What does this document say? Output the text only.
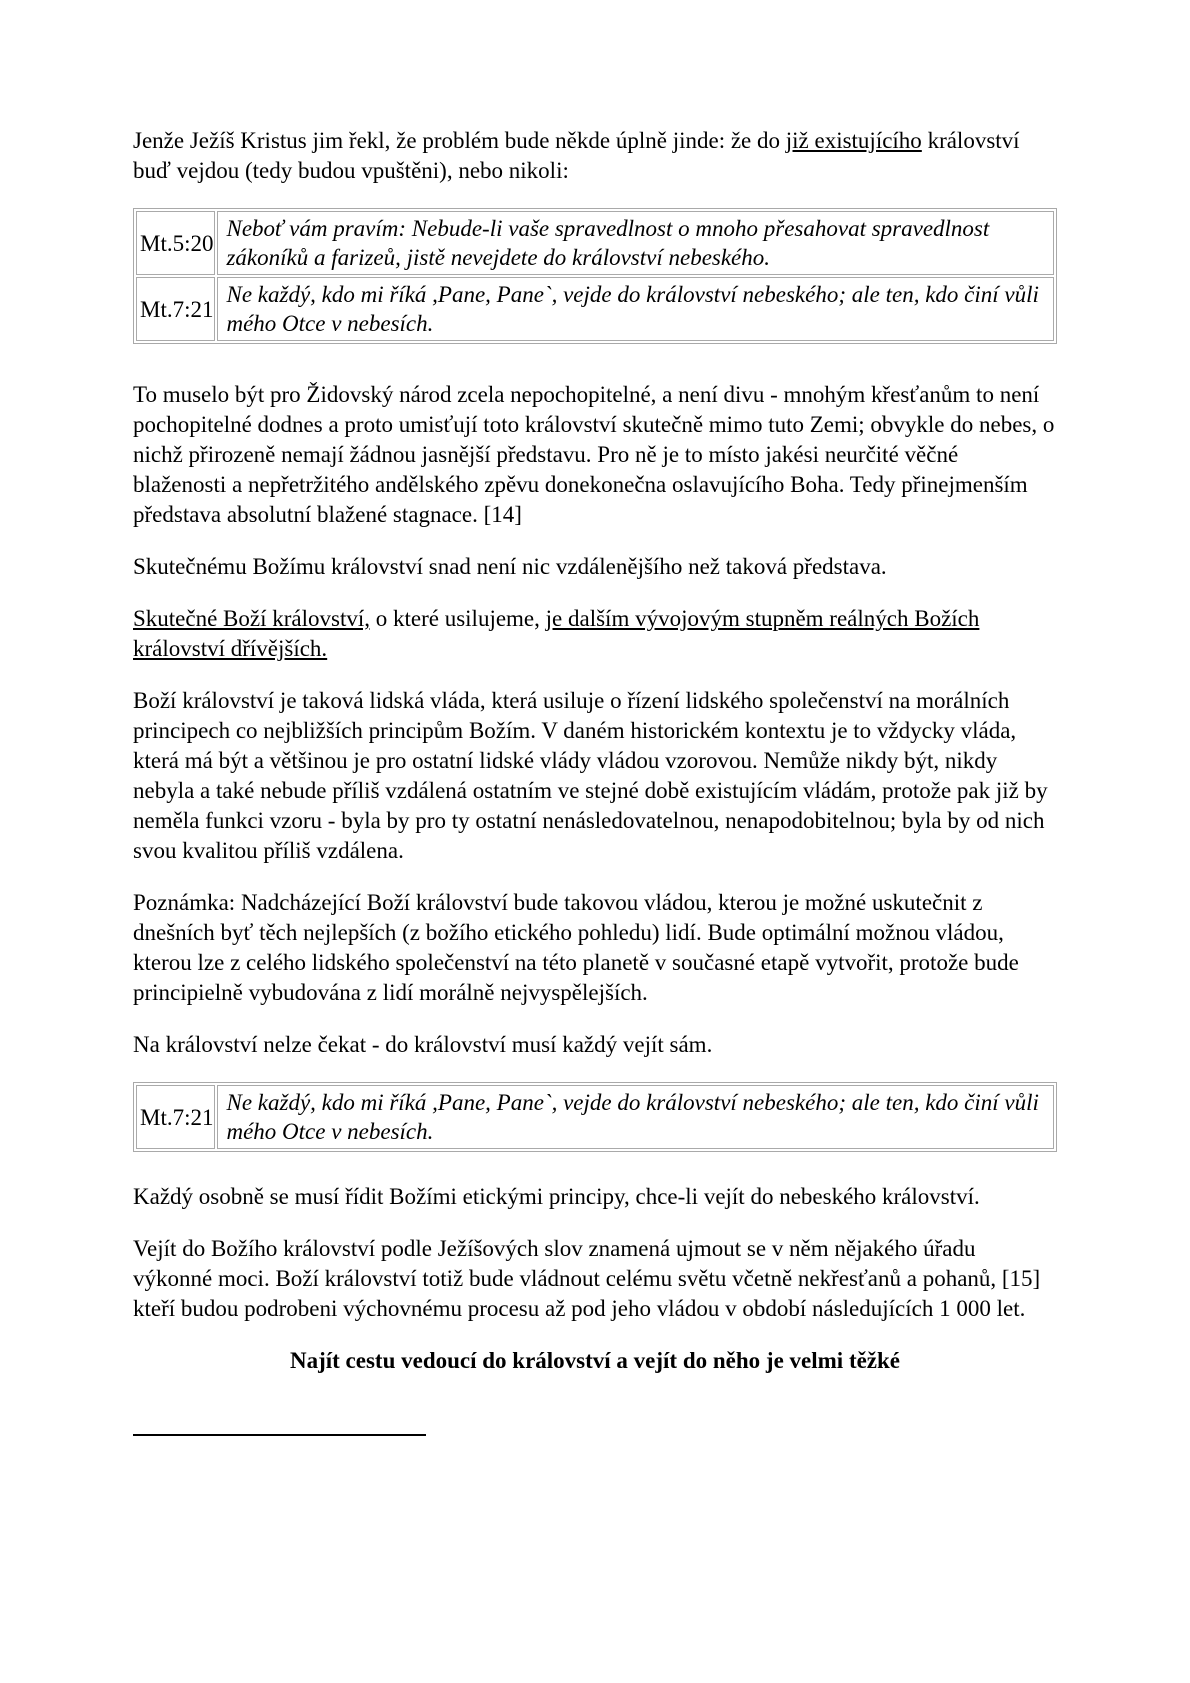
Jenže Ježíš Kristus jim řekl, že problém bude někde úplně jinde: že do již existujícího království buď vejdou (tedy budou vpuštěni), nebo nikoli:

Mt.5:20	Neboť vám pravím: Nebude-li vaše spravedlnost o mnoho přesahovat spravedlnost zákoníků a farizeů, jistě nevejdete do království nebeského.
Mt.7:21	Ne každý, kdo mi říká ,Pane, Pane`, vejde do království nebeského; ale ten, kdo činí vůli mého Otce v nebesích.

To muselo být pro Židovský národ zcela nepochopitelné, a není divu - mnohým křesťanům to není pochopitelné dodnes a proto umisťují toto království skutečně mimo tuto Zemi; obvykle do nebes, o nichž přirozeně nemají žádnou jasnější představu. Pro ně je to místo jakési neurčité věčné blaženosti a nepřetržitého andělského zpěvu donekonečna oslavujícího Boha. Tedy přinejmenším představa absolutní blažené stagnace. [14]

Skutečnému Božímu království snad není nic vzdálenějšího než taková představa.

Skutečné Boží království, o které usilujeme, je dalším vývojovým stupněm reálných Božích království dřívějších.

Boží království je taková lidská vláda, která usiluje o řízení lidského společenství na morálních principech co nejbližších principům Božím. V daném historickém kontextu je to vždycky vláda, která má být a většinou je pro ostatní lidské vlády vládou vzorovou. Nemůže nikdy být, nikdy nebyla a také nebude příliš vzdálená ostatním ve stejné době existujícím vládám, protože pak již by neměla funkci vzoru - byla by pro ty ostatní nenásledovatelnou, nenapodobitelnou; byla by od nich svou kvalitou příliš vzdálena.

Poznámka: Nadcházející Boží království bude takovou vládou, kterou je možné uskutečnit z dnešních byť těch nejlepších (z božího etického pohledu) lidí. Bude optimální možnou vládou, kterou lze z celého lidského společenství na této planetě v současné etapě vytvořit, protože bude principielně vybudována z lidí morálně nejvyspělejších.

Na království nelze čekat - do království musí každý vejít sám.

Mt.7:21	Ne každý, kdo mi říká ,Pane, Pane`, vejde do království nebeského; ale ten, kdo činí vůli mého Otce v nebesích.

Každý osobně se musí řídit Božími etickými principy, chce-li vejít do nebeského království.

Vejít do Božího království podle Ježíšových slov znamená ujmout se v něm nějakého úřadu výkonné moci. Boží království totiž bude vládnout celému světu včetně nekřesťanů a pohanů, [15] kteří budou podrobeni výchovnému procesu až pod jeho vládou v období následujících 1 000 let.

Najít cestu vedoucí do království a vejít do něho je velmi těžké
